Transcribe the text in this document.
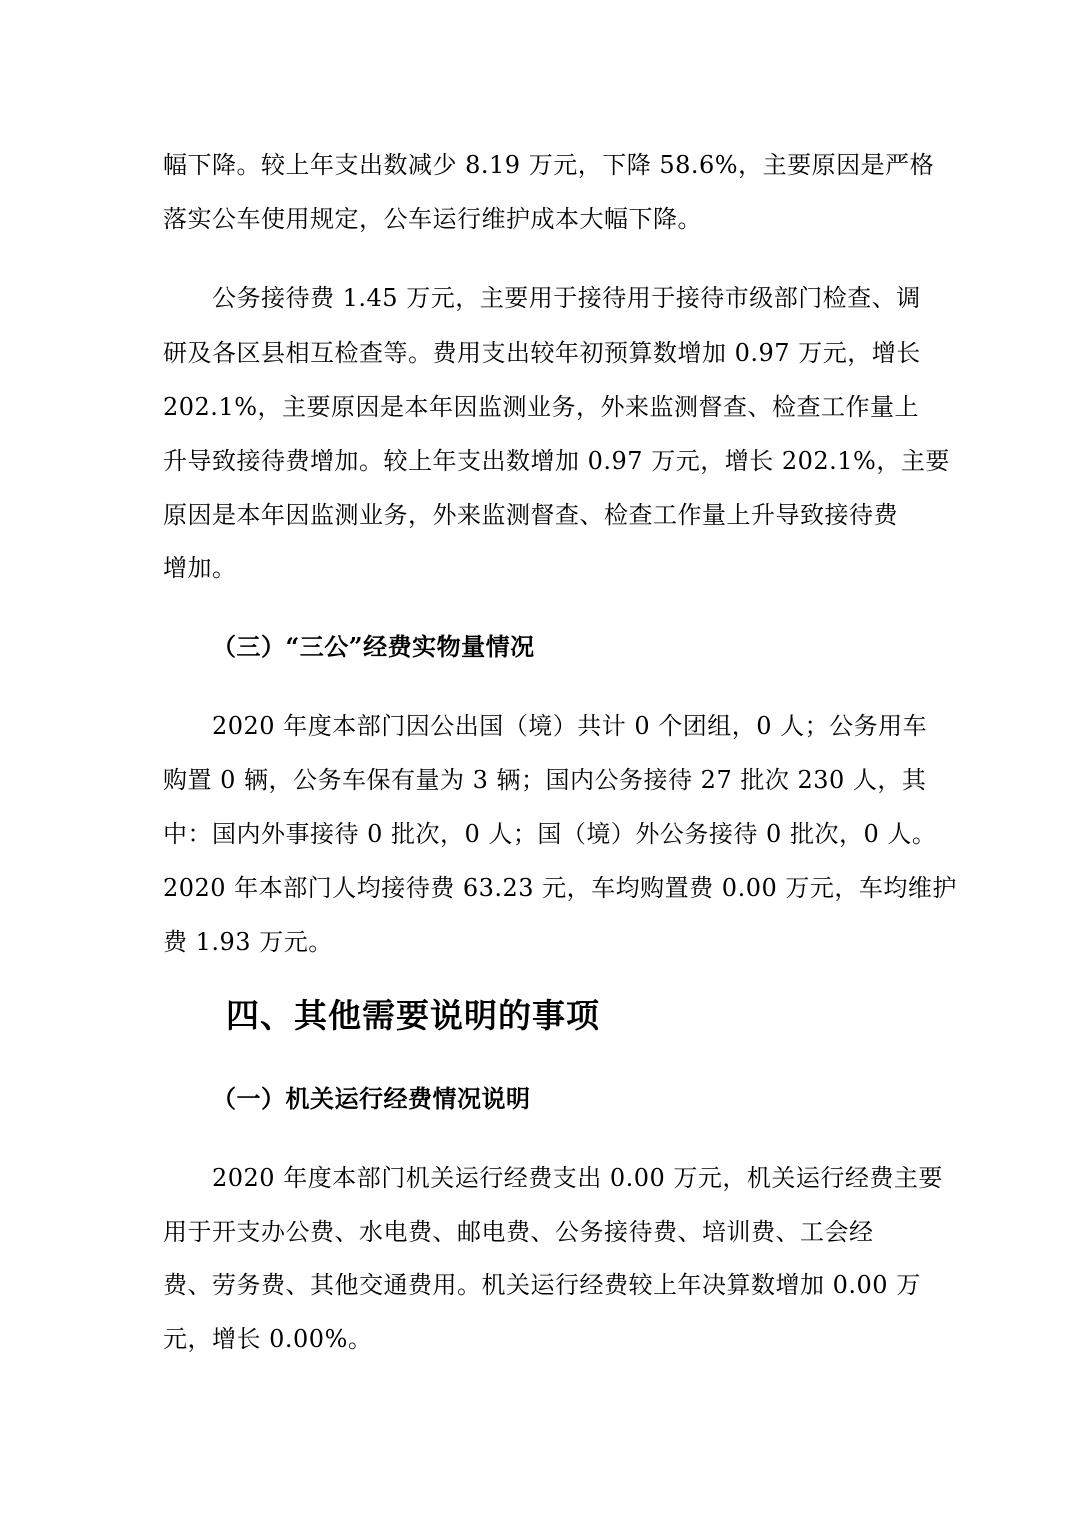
幅下降。较上年支出数减少 8.19 万元，下降 58.6%，主要原因是严格
落实公车使用规定，公车运行维护成本大幅下降。
公务接待费 1.45 万元，主要用于接待用于接待市级部门检查、调
研及各区县相互检查等。费用支出较年初预算数增加 0.97 万元，增长
202.1%，主要原因是本年因监测业务，外来监测督查、检查工作量上
升导致接待费增加。较上年支出数增加 0.97 万元，增长 202.1%，主要
原因是本年因监测业务，外来监测督查、检查工作量上升导致接待费
增加。
（三）“三公”经费实物量情况
2020 年度本部门因公出国（境）共计 0 个团组，0 人；公务用车
购置 0 辆，公务车保有量为 3 辆；国内公务接待 27 批次 230 人，其
中：国内外事接待 0 批次，0 人；国（境）外公务接待 0 批次，0 人。
2020 年本部门人均接待费 63.23 元，车均购置费 0.00 万元，车均维护
费 1.93 万元。
四、其他需要说明的事项
（一）机关运行经费情况说明
2020 年度本部门机关运行经费支出 0.00 万元，机关运行经费主要
用于开支办公费、水电费、邮电费、公务接待费、培训费、工会经
费、劳务费、其他交通费用。机关运行经费较上年决算数增加 0.00 万
元，增长 0.00%。
